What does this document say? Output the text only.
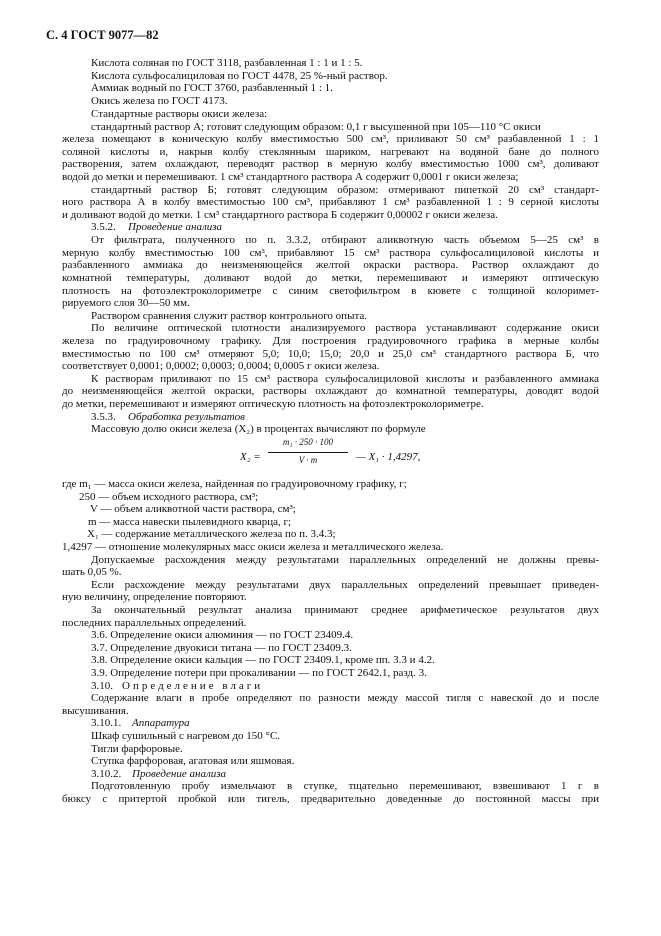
С. 4 ГОСТ 9077—82
Кислота соляная по ГОСТ 3118, разбавленная 1 : 1 и 1 : 5.
Кислота сульфосалициловая по ГОСТ 4478, 25 %-ный раствор.
Аммиак водный по ГОСТ 3760, разбавленный 1 : 1.
Окись железа по ГОСТ 4173.
Стандартные растворы окиси железа:
стандартный раствор А; готовят следующим образом: 0,1 г высушенной при 105—110 °С окиси
железа помещают в коническую колбу вместимостью 500 см³, приливают 50 см³ разбавленной 1 : 1
соляной кислоты и, накрыв колбу стеклянным шариком, нагревают на водяной бане до полного
растворения, затем охлаждают, переводят раствор в мерную колбу вместимостью 1000 см³, доливают
водой до метки и перемешивают. 1 см³ стандартного раствора А содержит 0,0001 г окиси железа;
стандартный раствор Б; готовят следующим образом: отмеривают пипеткой 20 см³ стандарт-
ного раствора А в колбу вместимостью 100 см³, прибавляют 1 см³ разбавленной 1 : 9 серной кислоты
и доливают водой до метки. 1 см³ стандартного раствора Б содержит 0,00002 г окиси железа.
3.5.2. Проведение анализа
От фильтрата, полученного по п. 3.3.2, отбирают аликвотную часть объемом 5—25 см³ в
мерную колбу вместимостью 100 см³, прибавляют 15 см³ раствора сульфосалициловой кислоты и
разбавленного аммиака до неизменяющейся желтой окраски раствора. Раствор охлаждают до
комнатной температуры, доливают водой до метки, перемешивают и измеряют оптическую
плотность на фотоэлектроколориметре с синим светофильтром в кювете с толщиной колоримет-
рируемого слоя 30—50 мм.
Раствором сравнения служит раствор контрольного опыта.
По величине оптической плотности анализируемого раствора устанавливают содержание окиси
железа по градуировочному графику. Для построения градуировочного графика в мерные колбы
вместимостью по 100 см³ отмеряют 5,0; 10,0; 15,0; 20,0 и 25,0 см³ стандартного раствора Б, что
соответствует 0,0001; 0,0002; 0,0003; 0,0004; 0,0005 г окиси железа.
К растворам приливают по 15 см³ раствора сульфосалициловой кислоты и разбавленного аммиака
до неизменяющейся желтой окраски, растворы охлаждают до комнатной температуры, доводят водой
до метки, перемешивают и измеряют оптическую плотность на фотоэлектроколориметре.
3.5.3. Обработка результатов
Массовую долю окиси железа (X₂) в процентах вычисляют по формуле
X₂ =
m₁ · 250 · 100
V · m	— X₁ · 1,4297,
где m₁ — масса окиси железа, найденная по градуировочному графику, г;
250 — объем исходного раствора, см³;
V — объем аликвотной части раствора, см³;
m — масса навески пылевидного кварца, г;
X₁ — содержание металлического железа по п. 3.4.3;
1,4297 — отношение молекулярных масс окиси железа и металлического железа.
Допускаемые расхождения между результатами параллельных определений не должны превы-
шать 0,05 %.
Если расхождение между результатами двух параллельных определений превышает приведен-
ную величину, определение повторяют.
За окончательный результат анализа принимают среднее арифметическое результатов двух
последних параллельных определений.
3.6. Определение окиси алюминия — по ГОСТ 23409.4.
3.7. Определение двуокиси титана — по ГОСТ 23409.3.
3.8. Определение окиси кальция — по ГОСТ 23409.1, кроме пп. 3.3 и 4.2.
3.9. Определение потери при прокаливании — по ГОСТ 2642.1, разд. 3.
3.10. Определение влаги
Содержание влаги в пробе определяют по разности между массой тигля с навеской до и после
высушивания.
3.10.1. Аппаратура
Шкаф сушильный с нагревом до 150 °С.
Тигли фарфоровые.
Ступка фарфоровая, агатовая или яшмовая.
3.10.2. Проведение анализа
Подготовленную пробу измельчают в ступке, тщательно перемешивают, взвешивают 1 г в
бюксу с притертой пробкой или тигель, предварительно доведенные до постоянной массы при
